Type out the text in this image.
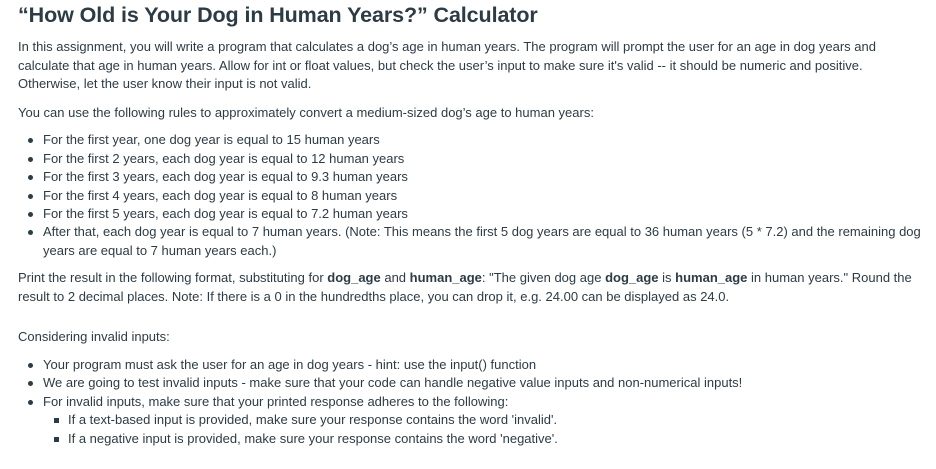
“How Old is Your Dog in Human Years?” Calculator

In this assignment, you will write a program that calculates a dog’s age in human years. The program will prompt the user for an age in dog years and calculate that age in human years. Allow for int or float values, but check the user’s input to make sure it's valid -- it should be numeric and positive. Otherwise, let the user know their input is not valid.

You can use the following rules to approximately convert a medium-sized dog’s age to human years:

For the first year, one dog year is equal to 15 human years
For the first 2 years, each dog year is equal to 12 human years
For the first 3 years, each dog year is equal to 9.3 human years
For the first 4 years, each dog year is equal to 8 human years
For the first 5 years, each dog year is equal to 7.2 human years
After that, each dog year is equal to 7 human years. (Note: This means the first 5 dog years are equal to 36 human years (5 * 7.2) and the remaining dog years are equal to 7 human years each.)

Print the result in the following format, substituting for dog_age and human_age: "The given dog age dog_age is human_age in human years." Round the result to 2 decimal places. Note: If there is a 0 in the hundredths place, you can drop it, e.g. 24.00 can be displayed as 24.0.

Considering invalid inputs:

Your program must ask the user for an age in dog years - hint: use the input() function
We are going to test invalid inputs - make sure that your code can handle negative value inputs and non-numerical inputs!
For invalid inputs, make sure that your printed response adheres to the following:
If a text-based input is provided, make sure your response contains the word 'invalid'.
If a negative input is provided, make sure your response contains the word 'negative'.
